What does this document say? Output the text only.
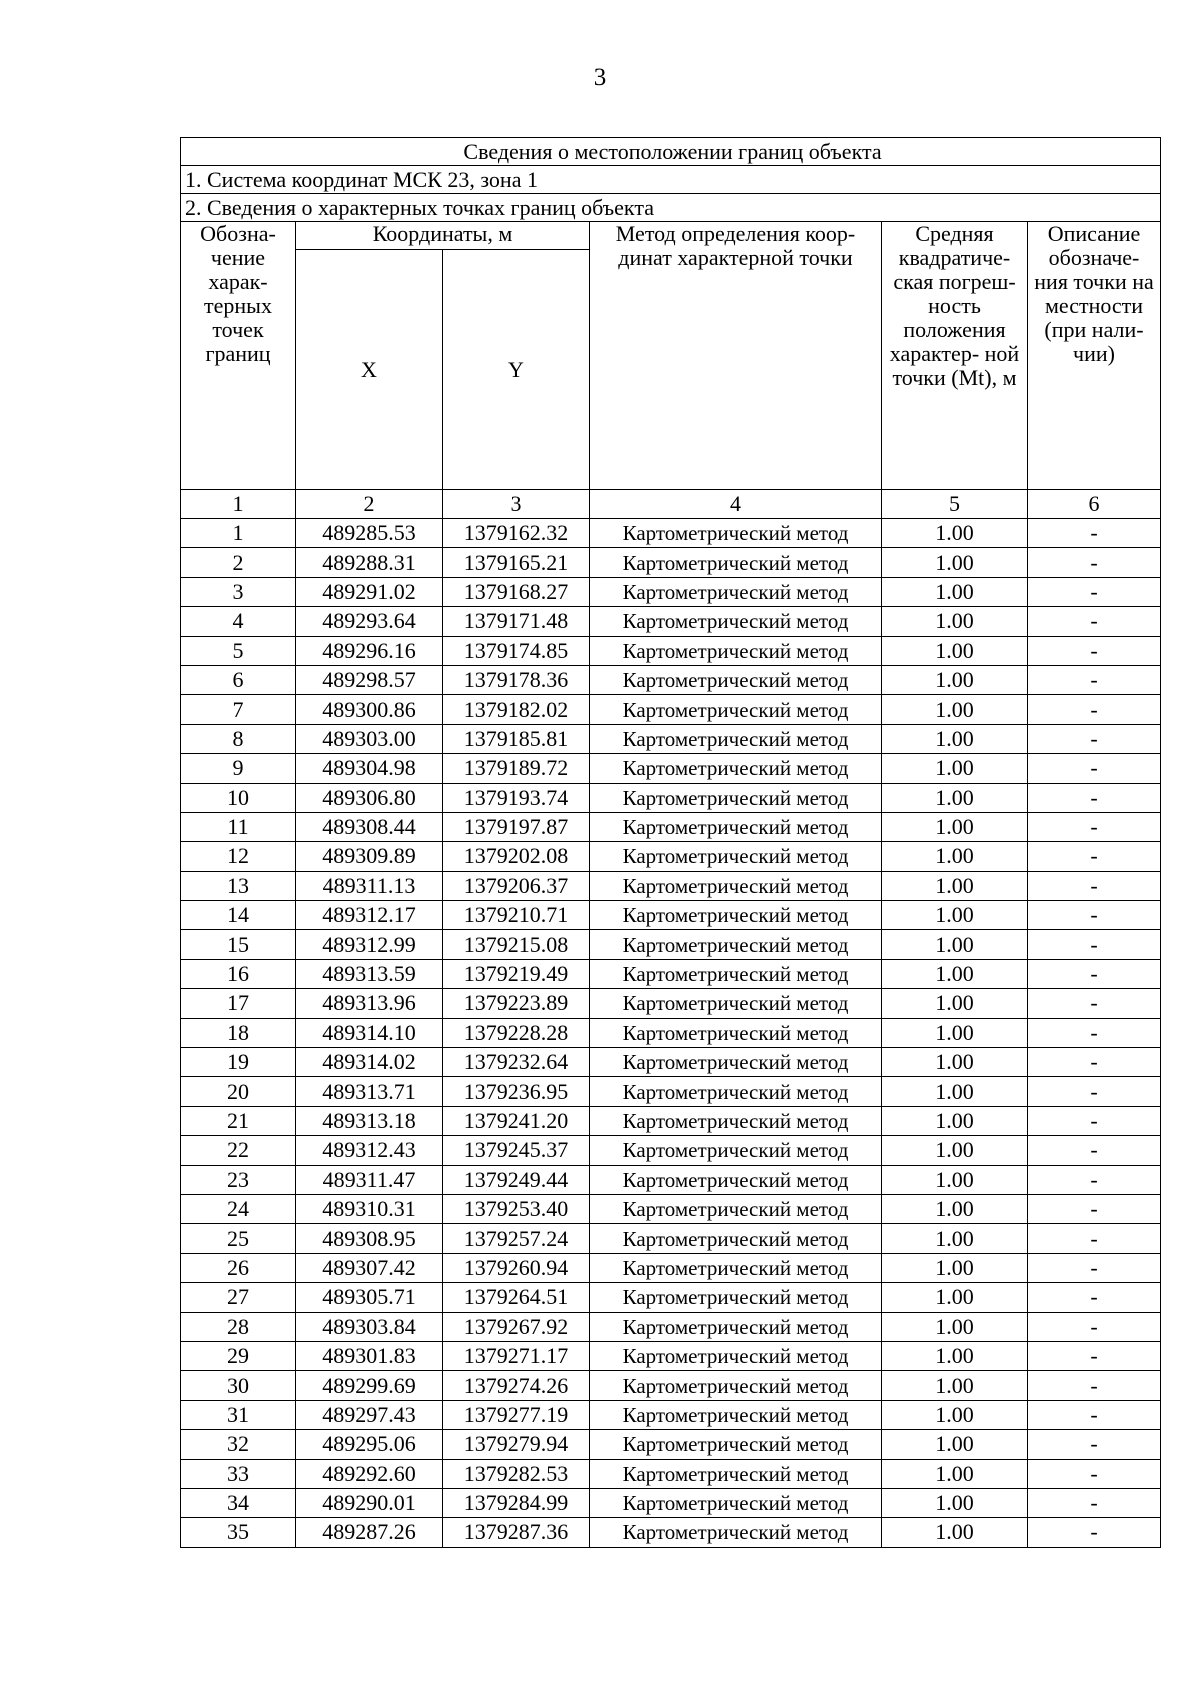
3
Сведения о местоположении границ объекта					
1. Система координат МСК 23, зона 1					
2. Сведения о характерных точках границ объекта					
Обозна- чение харак- терных точек границ	Координаты, м		Метод определения коор- динат характерной точки	Средняя квадратиче- ская погреш- ность положения характер- ной точки (Mt), м	Описание обозначе- ния точки на местности (при нали- чии)
	X	Y			
1	2	3	4	5	6
1	489285.53	1379162.32	Картометрический метод	1.00	-
2	489288.31	1379165.21	Картометрический метод	1.00	-
3	489291.02	1379168.27	Картометрический метод	1.00	-
4	489293.64	1379171.48	Картометрический метод	1.00	-
5	489296.16	1379174.85	Картометрический метод	1.00	-
6	489298.57	1379178.36	Картометрический метод	1.00	-
7	489300.86	1379182.02	Картометрический метод	1.00	-
8	489303.00	1379185.81	Картометрический метод	1.00	-
9	489304.98	1379189.72	Картометрический метод	1.00	-
10	489306.80	1379193.74	Картометрический метод	1.00	-
11	489308.44	1379197.87	Картометрический метод	1.00	-
12	489309.89	1379202.08	Картометрический метод	1.00	-
13	489311.13	1379206.37	Картометрический метод	1.00	-
14	489312.17	1379210.71	Картометрический метод	1.00	-
15	489312.99	1379215.08	Картометрический метод	1.00	-
16	489313.59	1379219.49	Картометрический метод	1.00	-
17	489313.96	1379223.89	Картометрический метод	1.00	-
18	489314.10	1379228.28	Картометрический метод	1.00	-
19	489314.02	1379232.64	Картометрический метод	1.00	-
20	489313.71	1379236.95	Картометрический метод	1.00	-
21	489313.18	1379241.20	Картометрический метод	1.00	-
22	489312.43	1379245.37	Картометрический метод	1.00	-
23	489311.47	1379249.44	Картометрический метод	1.00	-
24	489310.31	1379253.40	Картометрический метод	1.00	-
25	489308.95	1379257.24	Картометрический метод	1.00	-
26	489307.42	1379260.94	Картометрический метод	1.00	-
27	489305.71	1379264.51	Картометрический метод	1.00	-
28	489303.84	1379267.92	Картометрический метод	1.00	-
29	489301.83	1379271.17	Картометрический метод	1.00	-
30	489299.69	1379274.26	Картометрический метод	1.00	-
31	489297.43	1379277.19	Картометрический метод	1.00	-
32	489295.06	1379279.94	Картометрический метод	1.00	-
33	489292.60	1379282.53	Картометрический метод	1.00	-
34	489290.01	1379284.99	Картометрический метод	1.00	-
35	489287.26	1379287.36	Картометрический метод	1.00	-
